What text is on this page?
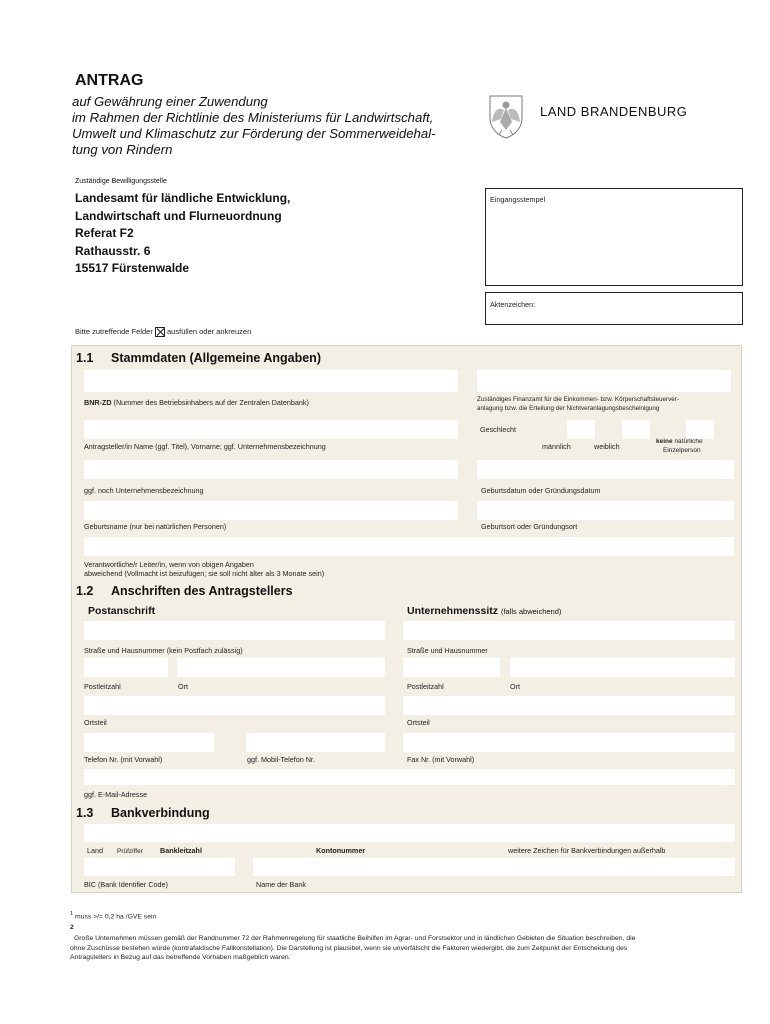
ANTRAG
auf Gewährung einer Zuwendung
im Rahmen der Richtlinie des Ministeriums für Landwirtschaft,
Umwelt und Klimaschutz zur Förderung der Sommerweidehal-
tung von Rindern
LAND BRANDENBURG
Zuständige Bewilligungsstelle
Landesamt für ländliche Entwicklung,
Landwirtschaft und Flurneuordnung
Referat F2
Rathausstr. 6
15517 Fürstenwalde
Eingangsstempel
Aktenzeichen:
Bitte zutreffende Felder ausfüllen oder ankreuzen
1.1 Stammdaten (Allgemeine Angaben)
BNR-ZD (Nummer des Betriebsinhabers auf der Zentralen Datenbank)	Zuständiges Finanzamt für die Einkommen- bzw. Körperschaftsteuerver-
anlagung bzw. die Erteilung der Nichtveranlagungsbescheinigung
Geschlecht
Antragsteller/in Name (ggf. Titel), Vorname; ggf. Unternehmensbezeichnung	männlich	weiblich
keine natürliche
Einzelperson
ggf. noch Unternehmensbezeichnung	Geburtsdatum oder Gründungsdatum
Geburtsname (nur bei natürlichen Personen)	Geburtsort oder Gründungsort
Verantwortliche/r Leiter/in, wenn von obigen Angaben
abweichend (Vollmacht ist beizufügen; sie soll nicht älter als 3 Monate sein)
1.2 Anschriften des Antragstellers
Postanschrift	Unternehmenssitz (falls abweichend)
Straße und Hausnummer (kein Postfach zulässig)	Straße und Hausnummer
Postleitzahl	Ort	Postleitzahl	Ort
Ortsteil	Ortsteil
Telefon Nr. (mit Vorwahl)	ggf. Mobil-Telefon Nr.	Fax Nr. (mit Vorwahl)
ggf. E-Mail-Adresse
1.3 Bankverbindung
Land Prüfziffer Bankleitzahl	Kontonummer	weitere Zeichen für Bankverbindungen außerhalb
BIC (Bank Identifier Code)	Name der Bank
$^1$ muss >/= 0,2 ha /GVE sein
2
Große Unternehmen müssen gemäß der Randnummer 72 der Rahmenregelung für staatliche Beihilfen im Agrar- und Forstsektor und in ländlichen Gebieten die Situation beschreiben, die
ohne Zuschüsse bestehen würde (kontrafaktische Fallkonstellation). Die Darstellung ist plausibel, wenn sie unverfälscht die Faktoren wiedergibt, die zum Zeitpunkt der Entscheidung des
Antragstellers in Bezug auf das betreffende Vorhaben maßgeblich waren.
